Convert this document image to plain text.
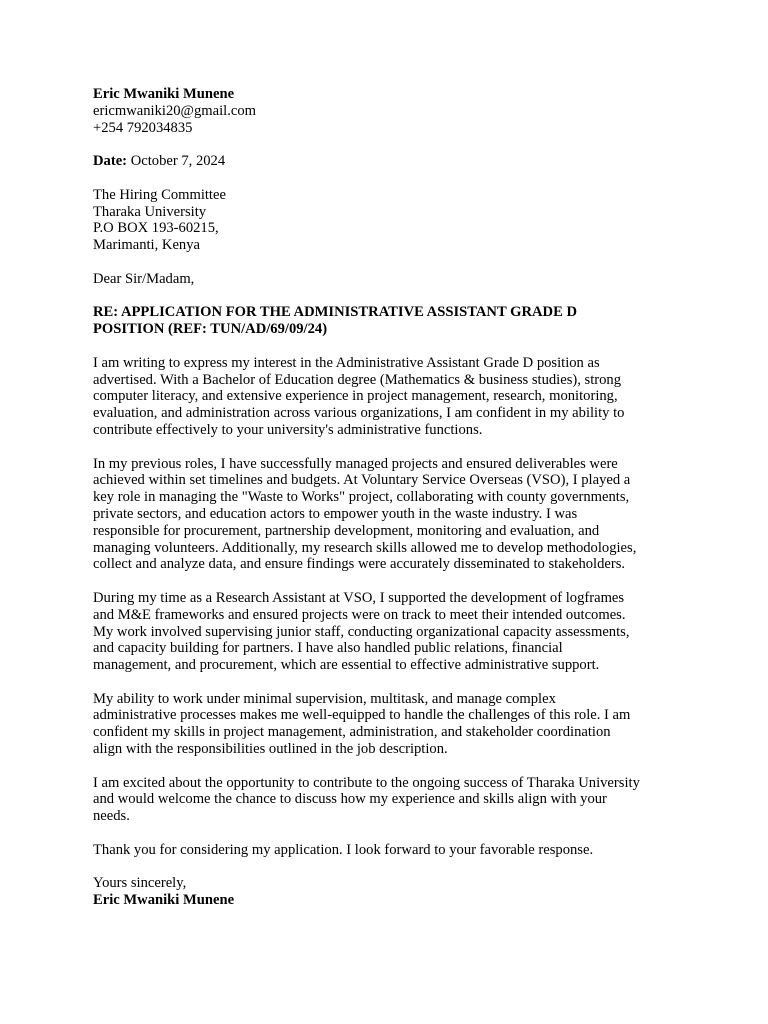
Eric Mwaniki Munene
ericmwaniki20@gmail.com
+254 792034835
Date: October 7, 2024
The Hiring Committee
Tharaka University
P.O BOX 193-60215,
Marimanti, Kenya
Dear Sir/Madam,
RE: APPLICATION FOR THE ADMINISTRATIVE ASSISTANT GRADE D
POSITION (REF: TUN/AD/69/09/24)

I am writing to express my interest in the Administrative Assistant Grade D position as
advertised. With a Bachelor of Education degree (Mathematics & business studies), strong
computer literacy, and extensive experience in project management, research, monitoring,
evaluation, and administration across various organizations, I am confident in my ability to
contribute effectively to your university's administrative functions.

In my previous roles, I have successfully managed projects and ensured deliverables were
achieved within set timelines and budgets. At Voluntary Service Overseas (VSO), I played a
key role in managing the "Waste to Works" project, collaborating with county governments,
private sectors, and education actors to empower youth in the waste industry. I was
responsible for procurement, partnership development, monitoring and evaluation, and
managing volunteers. Additionally, my research skills allowed me to develop methodologies,
collect and analyze data, and ensure findings were accurately disseminated to stakeholders.

During my time as a Research Assistant at VSO, I supported the development of logframes
and M&E frameworks and ensured projects were on track to meet their intended outcomes.
My work involved supervising junior staff, conducting organizational capacity assessments,
and capacity building for partners. I have also handled public relations, financial
management, and procurement, which are essential to effective administrative support.

My ability to work under minimal supervision, multitask, and manage complex
administrative processes makes me well-equipped to handle the challenges of this role. I am
confident my skills in project management, administration, and stakeholder coordination
align with the responsibilities outlined in the job description.

I am excited about the opportunity to contribute to the ongoing success of Tharaka University
and would welcome the chance to discuss how my experience and skills align with your
needs.

Thank you for considering my application. I look forward to your favorable response.

Yours sincerely,
Eric Mwaniki Munene
